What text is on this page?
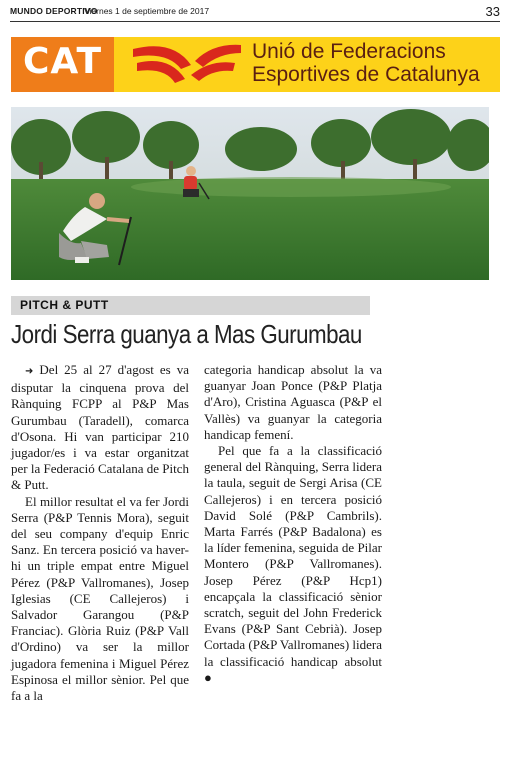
MUNDO DEPORTIVO
Viernes 1 de septiembre de 2017	33
CAT	Unió de Federacions
Esportives de Catalunya
PITCH & PUTT
Jordi Serra guanya a Mas Gurumbau

➜ Del 25 al 27 d'agost es va disputar la cinquena prova del Rànquing FCPP al P&P Mas Gurumbau (Taradell), comarca d'Osona. Hi van participar 210 jugador/es i va estar organitzat per la Federació Catalana de Pitch & Putt.

El millor resultat el va fer Jordi Serra (P&P Tennis Mora), seguit del seu company d'equip Enric Sanz. En tercera posició va haver-hi un triple empat entre Miguel Pérez (P&P Vallromanes), Josep Iglesias (CE Callejeros) i Salvador Garangou (P&P Franciac). Glòria Ruiz (P&P Vall d'Ordino) va ser la millor jugadora femenina i Miguel Pérez Espinosa el millor sènior. Pel que fa a la

categoria handicap absolut la va guanyar Joan Ponce (P&P Platja d'Aro), Cristina Aguasca (P&P el Vallès) va guanyar la categoria handicap femení.

Pel que fa a la classificació general del Rànquing, Serra lidera la taula, seguit de Sergi Arisa (CE Callejeros) i en tercera posició David Solé (P&P Cambrils). Marta Farrés (P&P Badalona) es la líder femenina, seguida de Pilar Montero (P&P Vallromanes). Josep Pérez (P&P Hcp1) encapçala la classificació sènior scratch, seguit del John Frederick Evans (P&P Sant Cebrià). Josep Cortada (P&P Vallromanes) lidera la classificació handicap absolut ●
